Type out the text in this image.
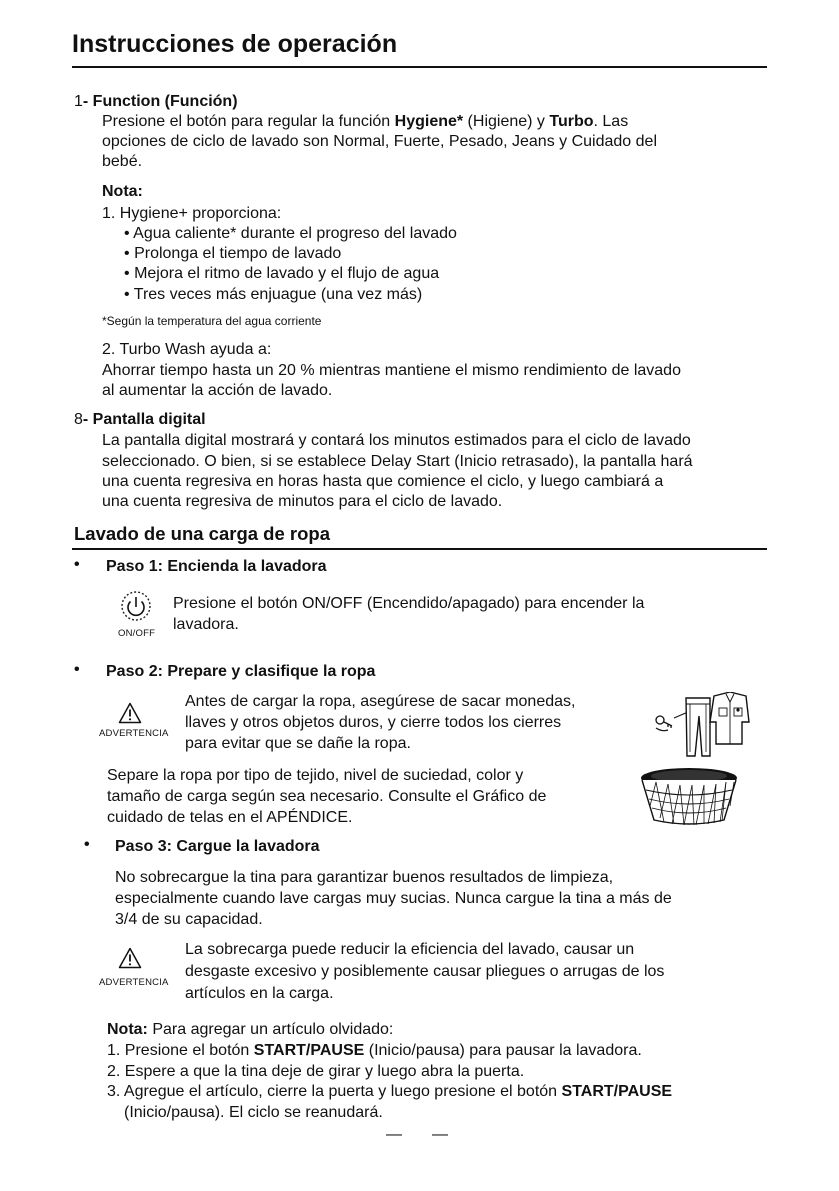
Instrucciones de operación
1- Function (Función)
Presione el botón para regular la función Hygiene* (Higiene) y Turbo. Las
opciones de ciclo de lavado son Normal, Fuerte, Pesado, Jeans y Cuidado del
bebé.
Nota:
1. Hygiene+ proporciona:
• Agua caliente* durante el progreso del lavado
• Prolonga el tiempo de lavado
• Mejora el ritmo de lavado y el flujo de agua
• Tres veces más enjuague (una vez más)
*Según la temperatura del agua corriente
2. Turbo Wash ayuda a:
Ahorrar tiempo hasta un 20 % mientras mantiene el mismo rendimiento de lavado
al aumentar la acción de lavado.
8- Pantalla digital
La pantalla digital mostrará y contará los minutos estimados para el ciclo de lavado
seleccionado. O bien, si se establece Delay Start (Inicio retrasado), la pantalla hará
una cuenta regresiva en horas hasta que comience el ciclo, y luego cambiará a
una cuenta regresiva de minutos para el ciclo de lavado.
Lavado de una carga de ropa
• Paso 1: Encienda la lavadora
ON/OFF
Presione el botón ON/OFF (Encendido/apagado) para encender la
lavadora.
• Paso 2: Prepare y clasifique la ropa
ADVERTENCIA
Antes de cargar la ropa, asegúrese de sacar monedas,
llaves y otros objetos duros, y cierre todos los cierres
para evitar que se dañe la ropa.
Separe la ropa por tipo de tejido, nivel de suciedad, color y
tamaño de carga según sea necesario. Consulte el Gráfico de
cuidado de telas en el APÉNDICE.
• Paso 3: Cargue la lavadora
No sobrecargue la tina para garantizar buenos resultados de limpieza,
especialmente cuando lave cargas muy sucias. Nunca cargue la tina a más de
3/4 de su capacidad.
ADVERTENCIA
La sobrecarga puede reducir la eficiencia del lavado, causar un
desgaste excesivo y posiblemente causar pliegues o arrugas de los
artículos en la carga.
Nota: Para agregar un artículo olvidado:
1. Presione el botón START/PAUSE (Inicio/pausa) para pausar la lavadora.
2. Espere a que la tina deje de girar y luego abra la puerta.
3. Agregue el artículo, cierre la puerta y luego presione el botón START/PAUSE
(Inicio/pausa). El ciclo se reanudará.
— —
